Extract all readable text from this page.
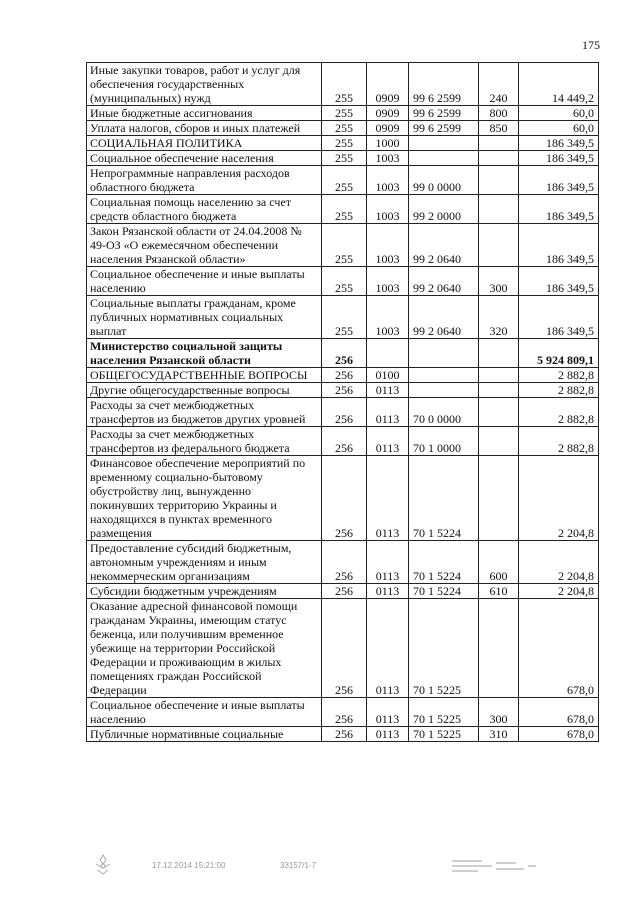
175
Иные закупки товаров, работ и услуг для обеспечения государственных (муниципальных) нужд	255	0909	99 6 2599	240	14 449,2
Иные бюджетные ассигнования	255	0909	99 6 2599	800	60,0
Уплата налогов, сборов и иных платежей	255	0909	99 6 2599	850	60,0
СОЦИАЛЬНАЯ ПОЛИТИКА	255	1000			186 349,5
Социальное обеспечение населения	255	1003			186 349,5
Непрограммные направления расходов областного бюджета	255	1003	99 0 0000		186 349,5
Социальная помощь населению за счет средств областного бюджета	255	1003	99 2 0000		186 349,5
Закон Рязанской области от 24.04.2008 № 49-ОЗ «О ежемесячном обеспечении населения Рязанской области»	255	1003	99 2 0640		186 349,5
Социальное обеспечение и иные выплаты населению	255	1003	99 2 0640	300	186 349,5
Социальные выплаты гражданам, кроме публичных нормативных социальных выплат	255	1003	99 2 0640	320	186 349,5
Министерство социальной защиты населения Рязанской области	256				5 924 809,1
ОБЩЕГОСУДАРСТВЕННЫЕ ВОПРОСЫ	256	0100			2 882,8
Другие общегосударственные вопросы	256	0113			2 882,8
Расходы за счет межбюджетных трансфертов из бюджетов других уровней	256	0113	70 0 0000		2 882,8
Расходы за счет межбюджетных трансфертов из федерального бюджета	256	0113	70 1 0000		2 882,8
Финансовое обеспечение мероприятий по временному социально-бытовому обустройству лиц, вынужденно покинувших территорию Украины и находящихся в пунктах временного размещения	256	0113	70 1 5224		2 204,8
Предоставление субсидий бюджетным, автономным учреждениям и иным некоммерческим организациям	256	0113	70 1 5224	600	2 204,8
Субсидии бюджетным учреждениям	256	0113	70 1 5224	610	2 204,8
Оказание адресной финансовой помощи гражданам Украины, имеющим статус беженца, или получившим временное убежище на территории Российской Федерации и проживающим в жилых помещениях граждан Российской Федерации	256	0113	70 1 5225		678,0
Социальное обеспечение и иные выплаты населению	256	0113	70 1 5225	300	678,0
Публичные нормативные социальные	256	0113	70 1 5225	310	678,0
17.12.2014 15:21:00	33157/1-7
